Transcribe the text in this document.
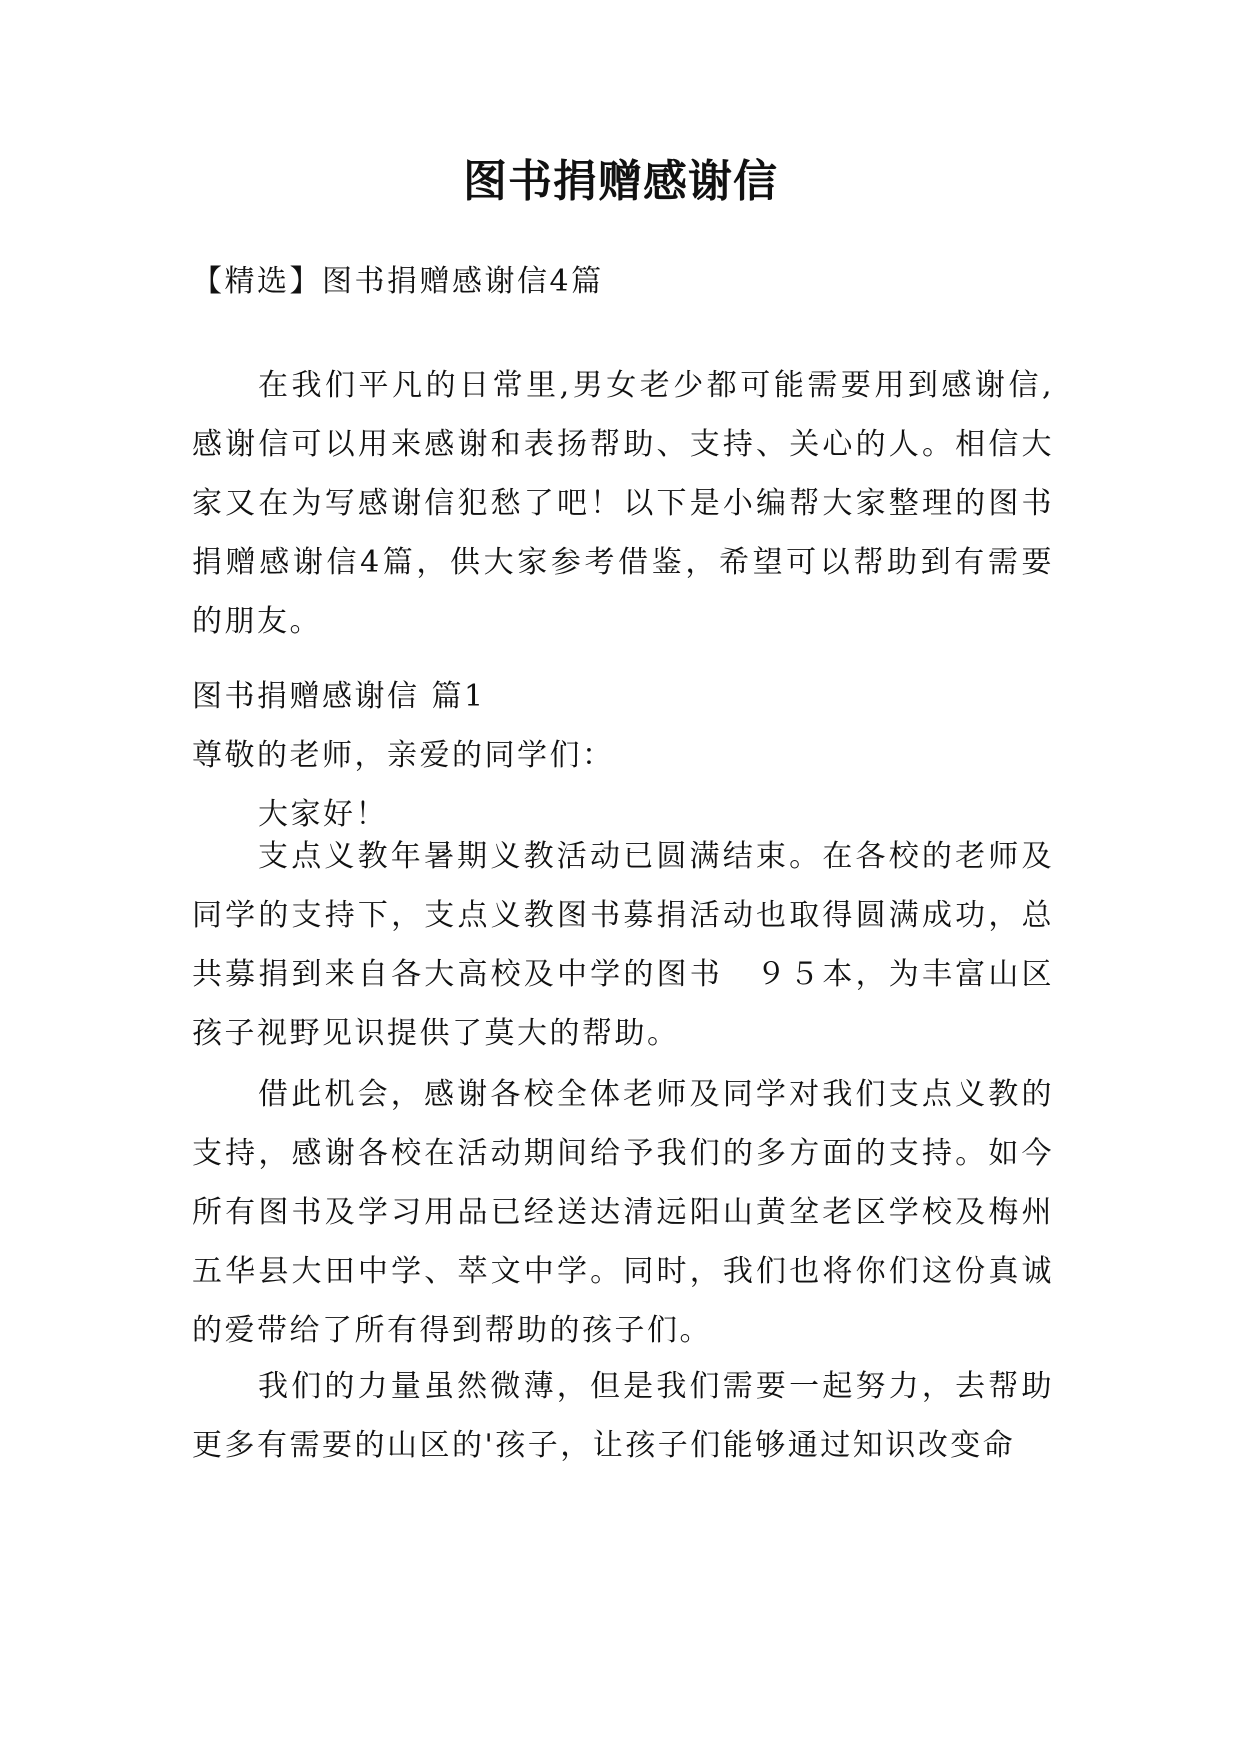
图书捐赠感谢信
【精选】图书捐赠感谢信4篇
在我们平凡的日常里,男女老少都可能需要用到感谢信,感谢信可以用来感谢和表扬帮助、支持、关心的人。相信大家又在为写感谢信犯愁了吧！以下是小编帮大家整理的图书捐赠感谢信4篇，供大家参考借鉴，希望可以帮助到有需要的朋友。
图书捐赠感谢信 篇1
尊敬的老师，亲爱的同学们：
大家好！
支点义教年暑期义教活动已圆满结束。在各校的老师及同学的支持下，支点义教图书募捐活动也取得圆满成功，总共募捐到来自各大高校及中学的图书　９５本，为丰富山区孩子视野见识提供了莫大的帮助。
借此机会，感谢各校全体老师及同学对我们支点义教的支持，感谢各校在活动期间给予我们的多方面的支持。如今所有图书及学习用品已经送达清远阳山黄坌老区学校及梅州五华县大田中学、萃文中学。同时，我们也将你们这份真诚的爱带给了所有得到帮助的孩子们。
我们的力量虽然微薄，但是我们需要一起努力，去帮助更多有需要的山区的'孩子，让孩子们能够通过知识改变命
